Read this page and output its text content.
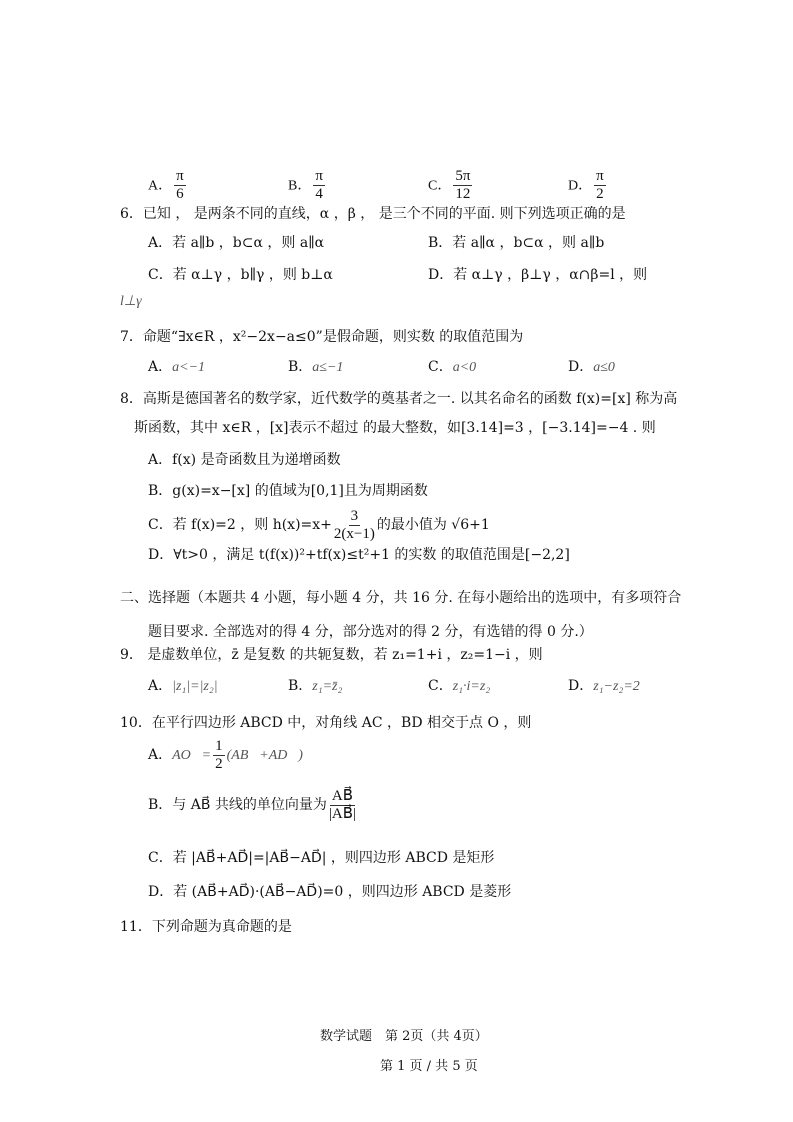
A． $\frac{\pi}{6}$	B． $\frac{\pi}{4}$	C． $\frac{5\pi}{12}$	D． $\frac{\pi}{2}$
6．已知 ， 是两条不同的直线，α ，β ， 是三个不同的平面. 则下列选项正确的是
A．若 a∥b ，b⊂α ，则 a∥α	B．若 a∥α ，b⊂α ，则 a∥b
C．若 α⊥γ ，b∥γ ，则 b⊥α	D．若 α⊥γ ，β⊥γ ，α∩β=l ，则
l⊥γ
7．命题“∃x∈R ，x²−2x−a≤0”是假命题，则实数 的取值范围为
A．a<−1	B．a≤−1	C．a<0	D．a≤0
8．高斯是德国著名的数学家，近代数学的奠基者之一. 以其名命名的函数 f(x)=[x] 称为高
斯函数，其中 x∈R ，[x]表示不超过 的最大整数，如[3.14]=3 ，[−3.14]=−4 . 则
A．f(x) 是奇函数且为递增函数
B．g(x)=x−[x] 的值域为[0,1]且为周期函数
C．若 f(x)=2 ，则 $h(x)=x+ \frac{3}{2(x-1)}$ 的最小值为 √6+1
D．∀t>0 ，满足 t(f(x))²+tf(x)≤t²+1 的实数 的取值范围是[−2,2]
二、选择题（本题共 4 小题，每小题 4 分，共 16 分. 在每小题给出的选项中，有多项符合
题目要求. 全部选对的得 4 分，部分选对的得 2 分，有选错的得 0 分.）
9． 是虚数单位，z̄ 是复数 的共轭复数，若 z₁=1+i ，z₂=1−i ，则
A．|z₁|=|z₂|	B．z₁=z̄₂	C．z₁·i=z₂	D．z₁−z₂=2
10．在平行四边形 ABCD 中，对角线 AC ，BD 相交于点 O ，则
A．AO⃗= $\frac{1}{2}$ (AB⃗+AD⃗)
B．与 AB⃗ 共线的单位向量为 $\frac{AB⃗}{|AB⃗|}$
C．若 |AB⃗+AD⃗|=|AB⃗−AD⃗| ，则四边形 ABCD 是矩形
D．若 (AB⃗+AD⃗)·(AB⃗−AD⃗)=0 ，则四边形 ABCD 是菱形
11．下列命题为真命题的是
数学试题　第 2页（共 4页）
第 1 页 / 共 5 页
